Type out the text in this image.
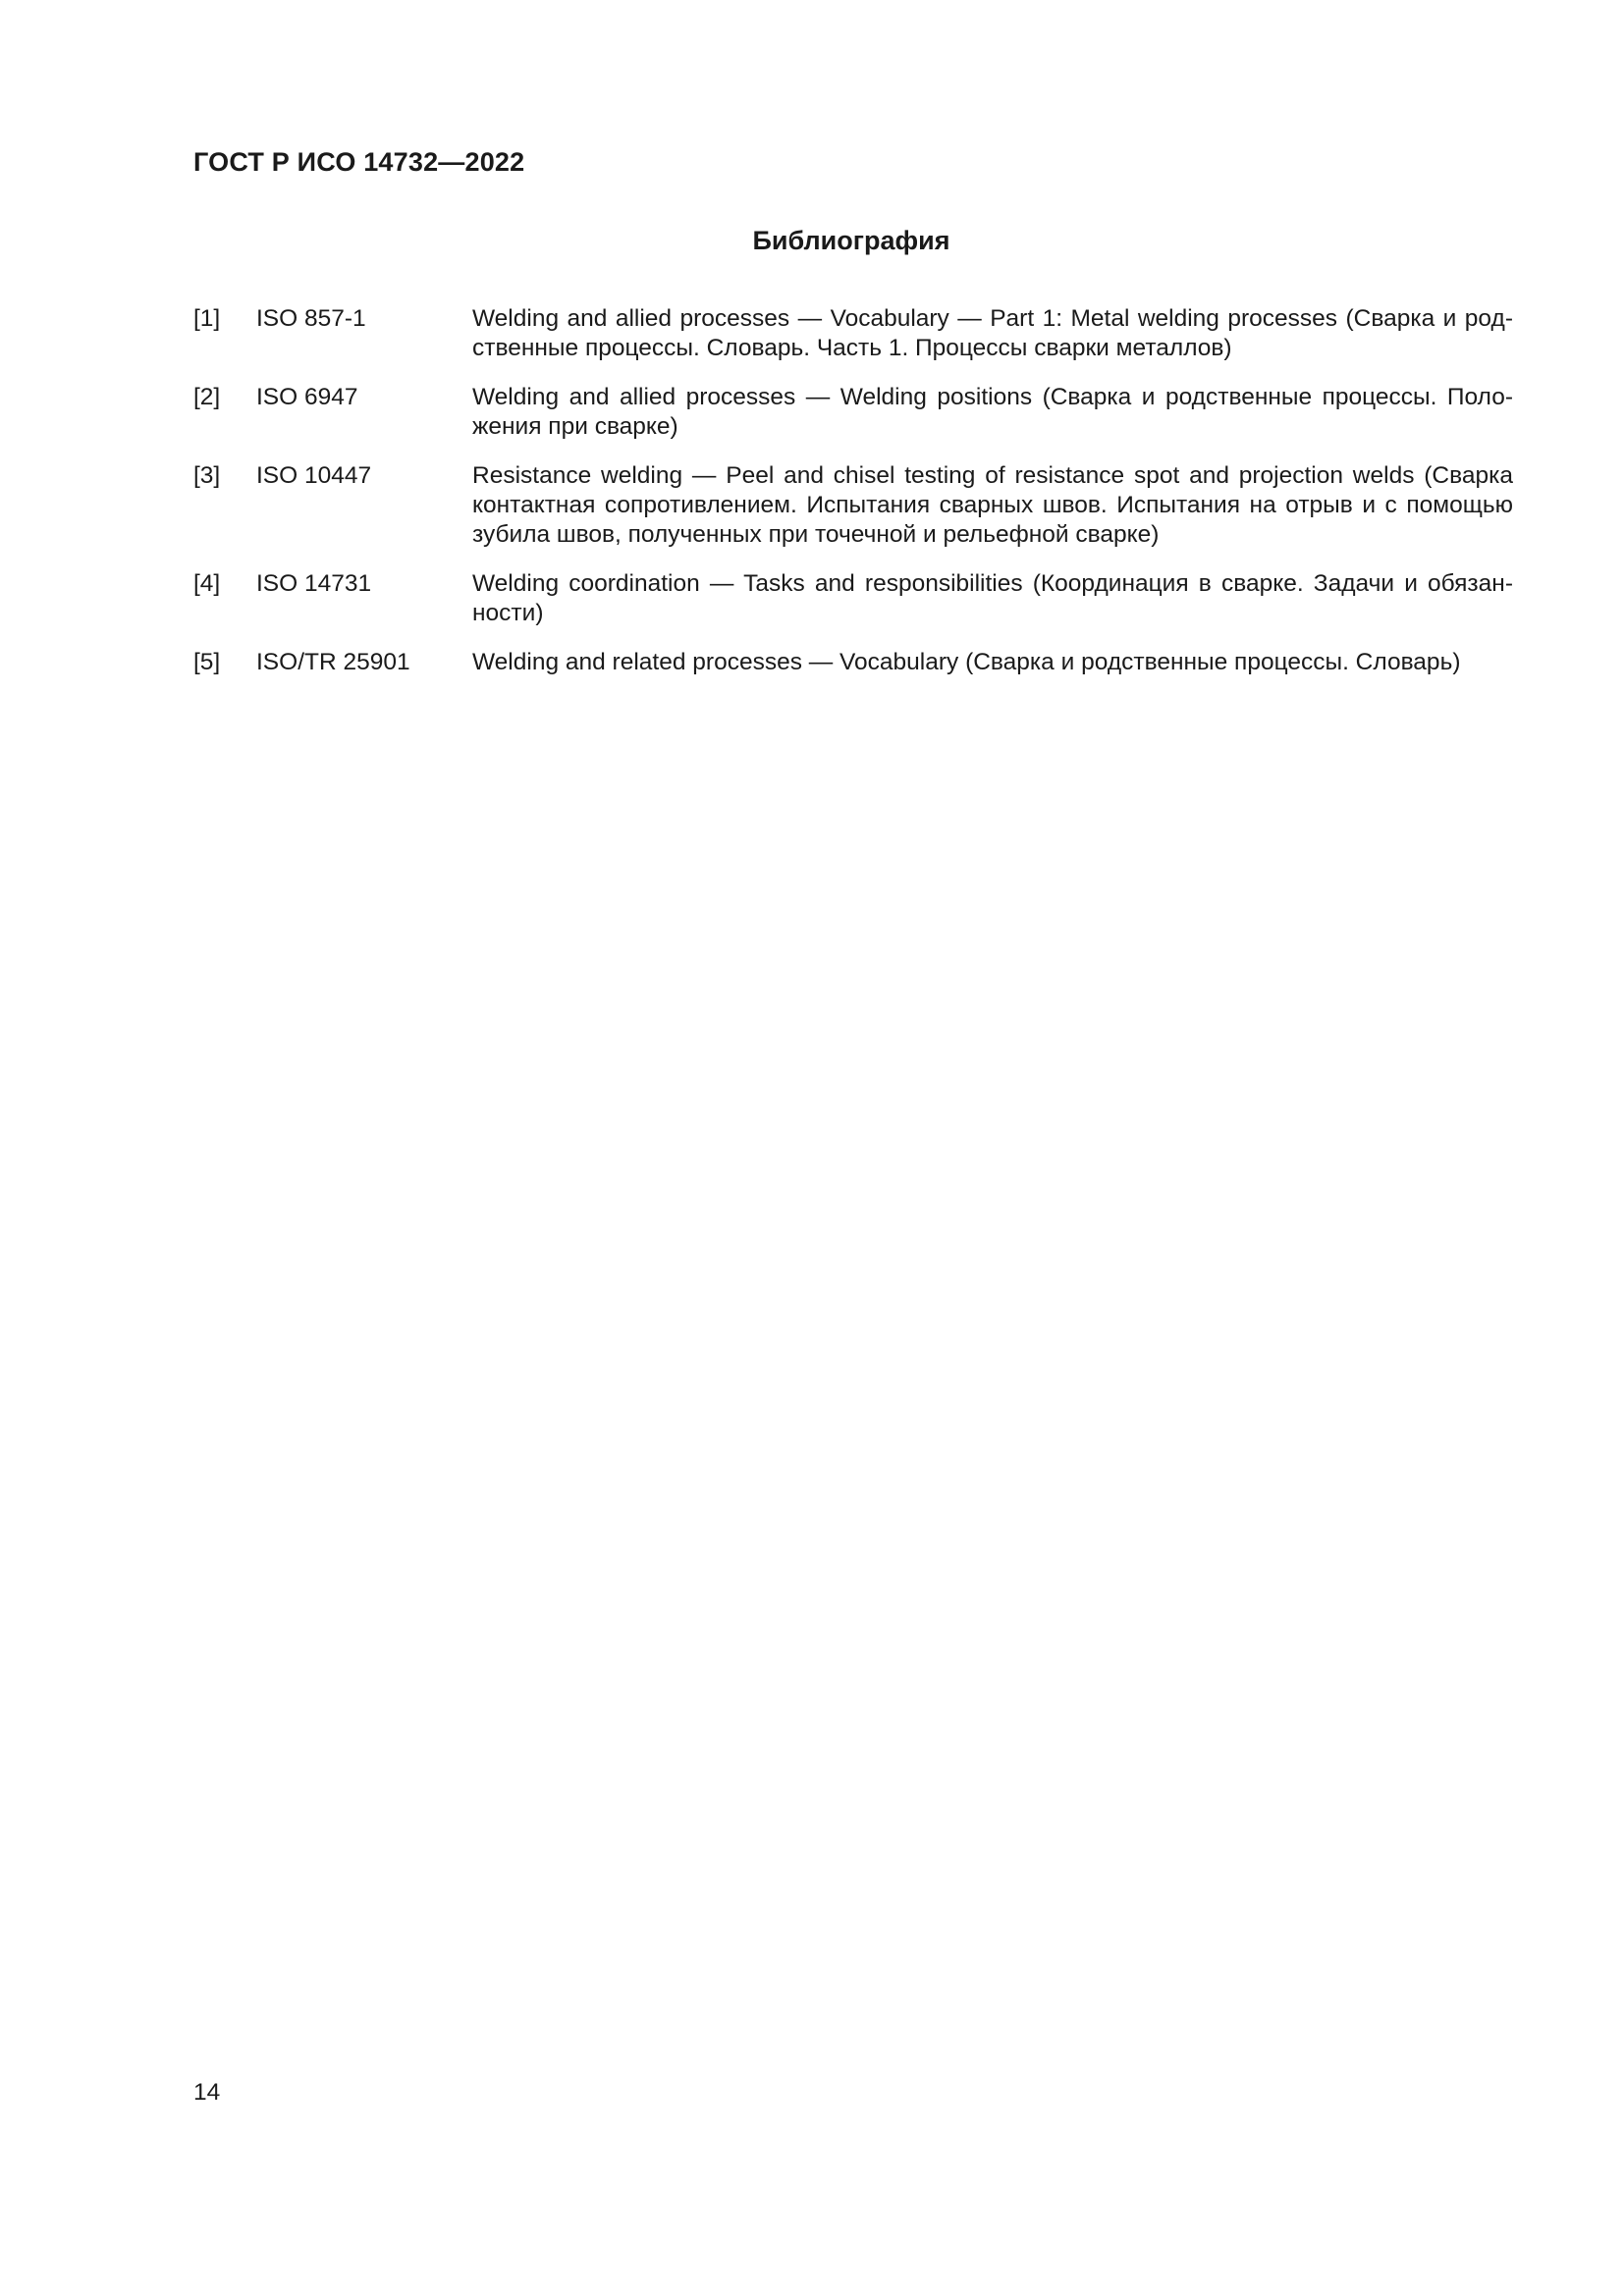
ГОСТ Р ИСО 14732—2022
Библиография
[1]	ISO 857-1	Welding and allied processes — Vocabulary — Part 1: Metal welding processes (Сварка и родственные процессы. Словарь. Часть 1. Процессы сварки металлов)
[2]	ISO 6947	Welding and allied processes — Welding positions (Сварка и родственные процессы. Положения при сварке)
[3]	ISO 10447	Resistance welding — Peel and chisel testing of resistance spot and projection welds (Сварка контактная сопротивлением. Испытания сварных швов. Испытания на отрыв и с помощью зубила швов, полученных при точечной и рельефной сварке)
[4]	ISO 14731	Welding coordination — Tasks and responsibilities (Координация в сварке. Задачи и обязанности)
[5]	ISO/TR 25901	Welding and related processes — Vocabulary (Сварка и родственные процессы. Словарь)
14
